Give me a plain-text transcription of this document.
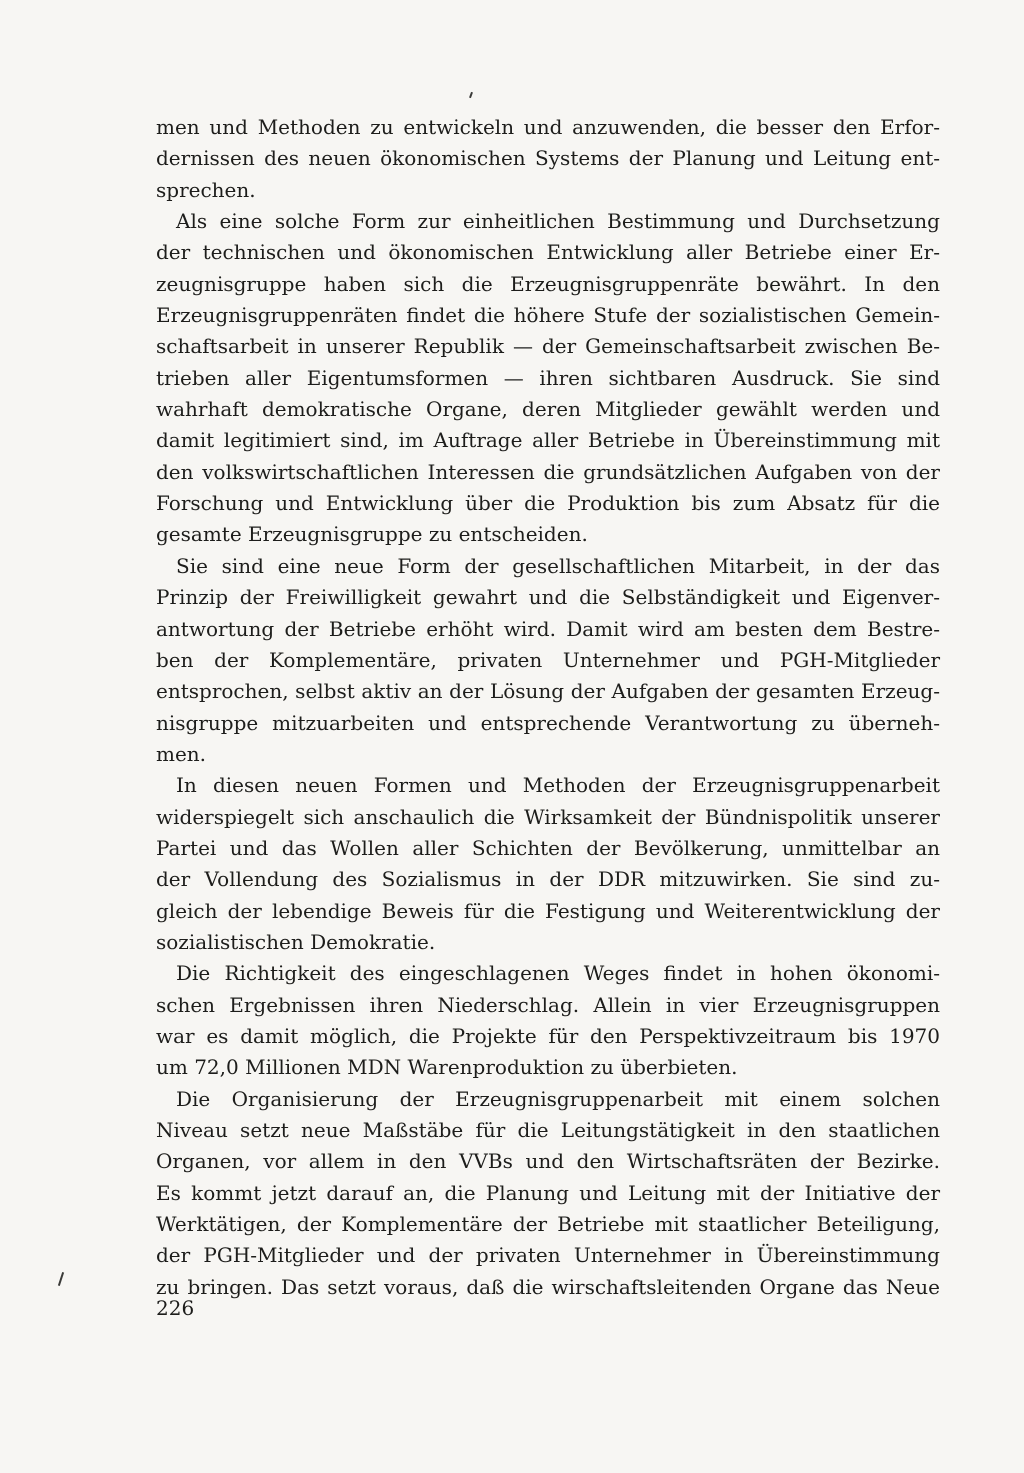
men und Methoden zu entwickeln und anzuwenden, die besser den Erfor-
dernissen des neuen ökonomischen Systems der Planung und Leitung ent-
sprechen.
Als eine solche Form zur einheitlichen Bestimmung und Durchsetzung
der technischen und ökonomischen Entwicklung aller Betriebe einer Er-
zeugnisgruppe haben sich die Erzeugnisgruppenräte bewährt. In den
Erzeugnisgruppenräten findet die höhere Stufe der sozialistischen Gemein-
schaftsarbeit in unserer Republik — der Gemeinschaftsarbeit zwischen Be-
trieben aller Eigentumsformen — ihren sichtbaren Ausdruck. Sie sind
wahrhaft demokratische Organe, deren Mitglieder gewählt werden und
damit legitimiert sind, im Auftrage aller Betriebe in Übereinstimmung mit
den volkswirtschaftlichen Interessen die grundsätzlichen Aufgaben von der
Forschung und Entwicklung über die Produktion bis zum Absatz für die
gesamte Erzeugnisgruppe zu entscheiden.
Sie sind eine neue Form der gesellschaftlichen Mitarbeit, in der das
Prinzip der Freiwilligkeit gewahrt und die Selbständigkeit und Eigenver-
antwortung der Betriebe erhöht wird. Damit wird am besten dem Bestre-
ben der Komplementäre, privaten Unternehmer und PGH-Mitglieder
entsprochen, selbst aktiv an der Lösung der Aufgaben der gesamten Erzeug-
nisgruppe mitzuarbeiten und entsprechende Verantwortung zu überneh-
men.
In diesen neuen Formen und Methoden der Erzeugnisgruppenarbeit
widerspiegelt sich anschaulich die Wirksamkeit der Bündnispolitik unserer
Partei und das Wollen aller Schichten der Bevölkerung, unmittelbar an
der Vollendung des Sozialismus in der DDR mitzuwirken. Sie sind zu-
gleich der lebendige Beweis für die Festigung und Weiterentwicklung der
sozialistischen Demokratie.
Die Richtigkeit des eingeschlagenen Weges findet in hohen ökonomi-
schen Ergebnissen ihren Niederschlag. Allein in vier Erzeugnisgruppen
war es damit möglich, die Projekte für den Perspektivzeitraum bis 1970
um 72,0 Millionen MDN Warenproduktion zu überbieten.
Die Organisierung der Erzeugnisgruppenarbeit mit einem solchen
Niveau setzt neue Maßstäbe für die Leitungstätigkeit in den staatlichen
Organen, vor allem in den VVBs und den Wirtschaftsräten der Bezirke.
Es kommt jetzt darauf an, die Planung und Leitung mit der Initiative der
Werktätigen, der Komplementäre der Betriebe mit staatlicher Beteiligung,
der PGH-Mitglieder und der privaten Unternehmer in Übereinstimmung
zu bringen. Das setzt voraus, daß die wirschaftsleitenden Organe das Neue
226
